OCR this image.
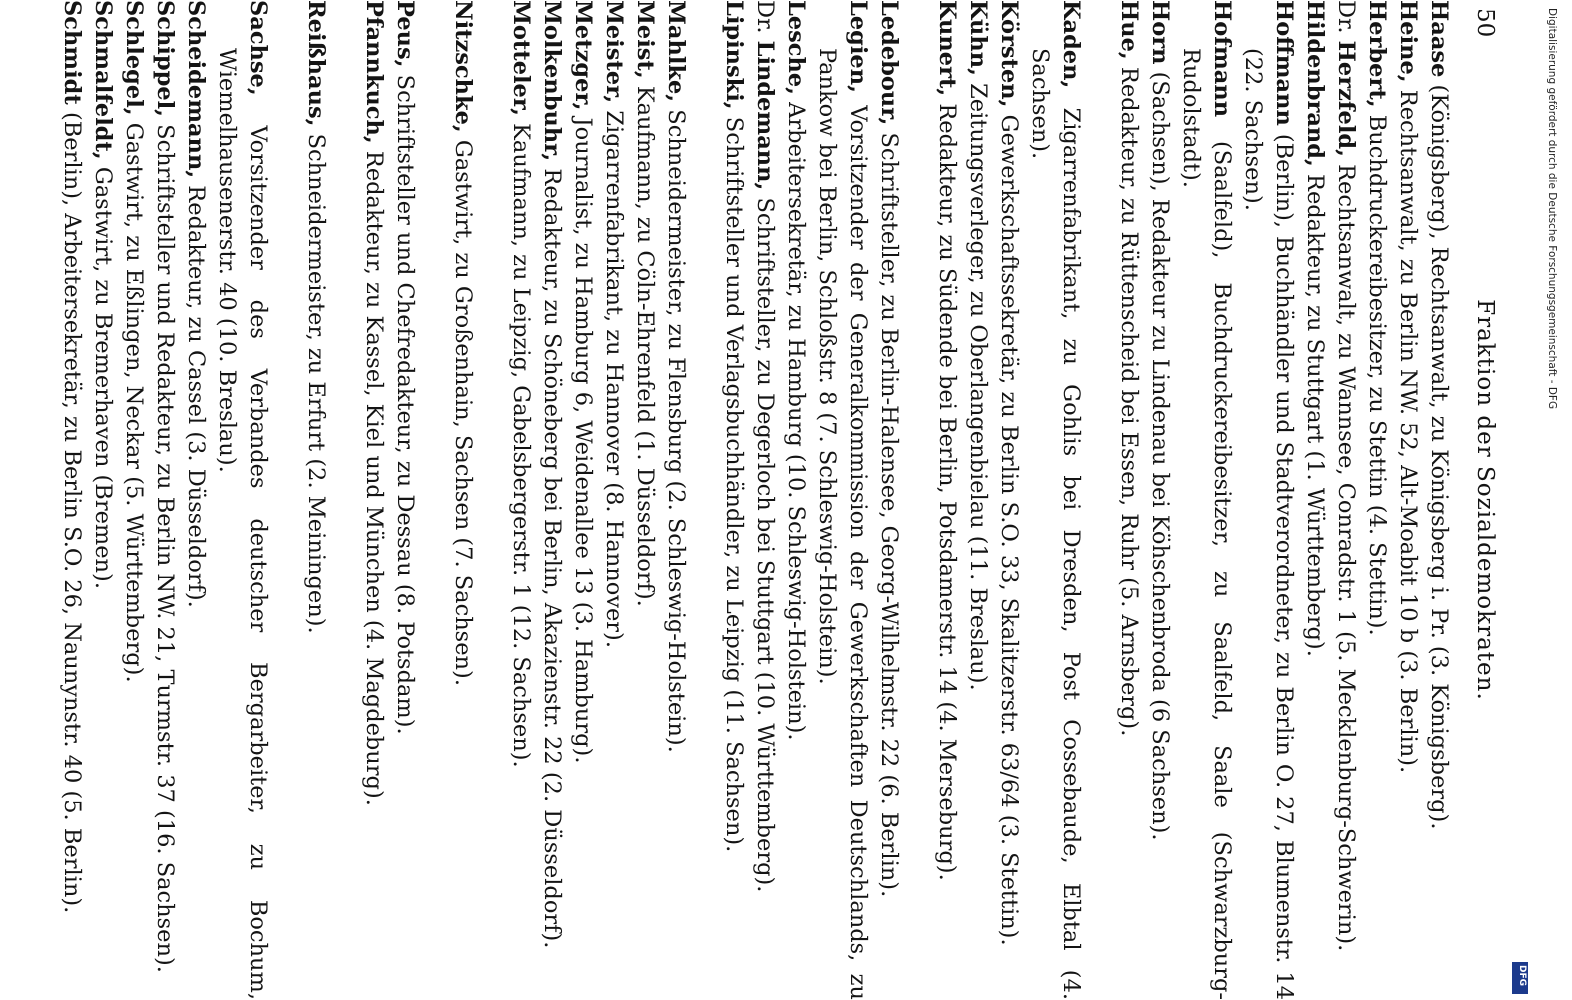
50
Fraktion der Sozialdemokraten.

Haase (Königsberg), Rechtsanwalt, zu Königsberg i. Pr. (3. Königsberg).

Heine, Rechtsanwalt, zu Berlin NW. 52, Alt-Moabit 10 b (3. Berlin).

Herbert, Buchdruckereibesitzer, zu Stettin (4. Stettin).

Dr. Herzfeld, Rechtsanwalt, zu Wannsee, Conradstr. 1 (5. Mecklenburg-Schwerin).

Hildenbrand, Redakteur, zu Stuttgart (1. Württemberg).

Hoffmann (Berlin), Buchhändler und Stadtverordneter, zu Berlin O. 27, Blumenstr. 14 (22. Sachsen).

Hofmann (Saalfeld), Buchdruckereibesitzer, zu Saalfeld, Saale (Schwarzburg-Rudolstadt).

Horn (Sachsen), Redakteur zu Lindenau bei Köhschenbroda (6 Sachsen).

Hue, Redakteur, zu Rüttenscheid bei Essen, Ruhr (5. Arnsberg).

Kaden, Zigarrenfabrikant, zu Gohlis bei Dresden, Post Cossebaude, Elbtal (4. Sachsen).

Körsten, Gewerkschaftssekretär, zu Berlin S.O. 33, Skalitzerstr. 63/64 (3. Stettin).

Kühn, Zeitungsverleger, zu Oberlangenbielau (11. Breslau).

Kunert, Redakteur, zu Südende bei Berlin, Potsdamerstr. 14 (4. Merseburg).

Ledebour, Schriftsteller, zu Berlin-Halensee, Georg-Wilhelmstr. 22 (6. Berlin).

Legien, Vorsitzender der Generalkommission der Gewerkschaften Deutschlands, zu Pankow bei Berlin, Schloßstr. 8 (7. Schleswig-Holstein).

Lesche, Arbeitersekretär, zu Hamburg (10. Schleswig-Holstein).

Dr. Lindemann, Schriftsteller, zu Degerloch bei Stuttgart (10. Württemberg).

Lipinski, Schriftsteller und Verlagsbuchhändler, zu Leipzig (11. Sachsen).

Mahlke, Schneidermeister, zu Flensburg (2. Schleswig-Holstein).

Meist, Kaufmann, zu Cöln-Ehrenfeld (1. Düsseldorf).

Meister, Zigarrenfabrikant, zu Hannover (8. Hannover).

Metzger, Journalist, zu Hamburg 6, Weidenallee 13 (3. Hamburg).

Molkenbuhr, Redakteur, zu Schöneberg bei Berlin, Akazienstr. 22 (2. Düsseldorf).

Motteler, Kaufmann, zu Leipzig, Gabelsbergerstr. 1 (12. Sachsen).

Nitzschke, Gastwirt, zu Großenhain, Sachsen (7. Sachsen).

Peus, Schriftsteller und Chefredakteur, zu Dessau (8. Potsdam).

Pfannkuch, Redakteur, zu Kassel, Kiel und München (4. Magdeburg).

Reißhaus, Schneidermeister, zu Erfurt (2. Meiningen).

Sachse, Vorsitzender des Verbandes deutscher Bergarbeiter, zu Bochum, Wiemelhausenerstr. 40 (10. Breslau).

Scheidemann, Redakteur, zu Cassel (3. Düsseldorf).

Schippel, Schriftsteller und Redakteur, zu Berlin NW. 21, Turmstr. 37 (16. Sachsen).

Schlegel, Gastwirt, zu Eßlingen, Neckar (5. Württemberg).

Schmalfeldt, Gastwirt, zu Bremerhaven (Bremen).

Schmidt (Berlin), Arbeitersekretär, zu Berlin S.O. 26, Naunynstr. 40 (5. Berlin).	Digitalisierung gefördert durch die Deutsche Forschungsgemeinschaft - DFG
DFG
